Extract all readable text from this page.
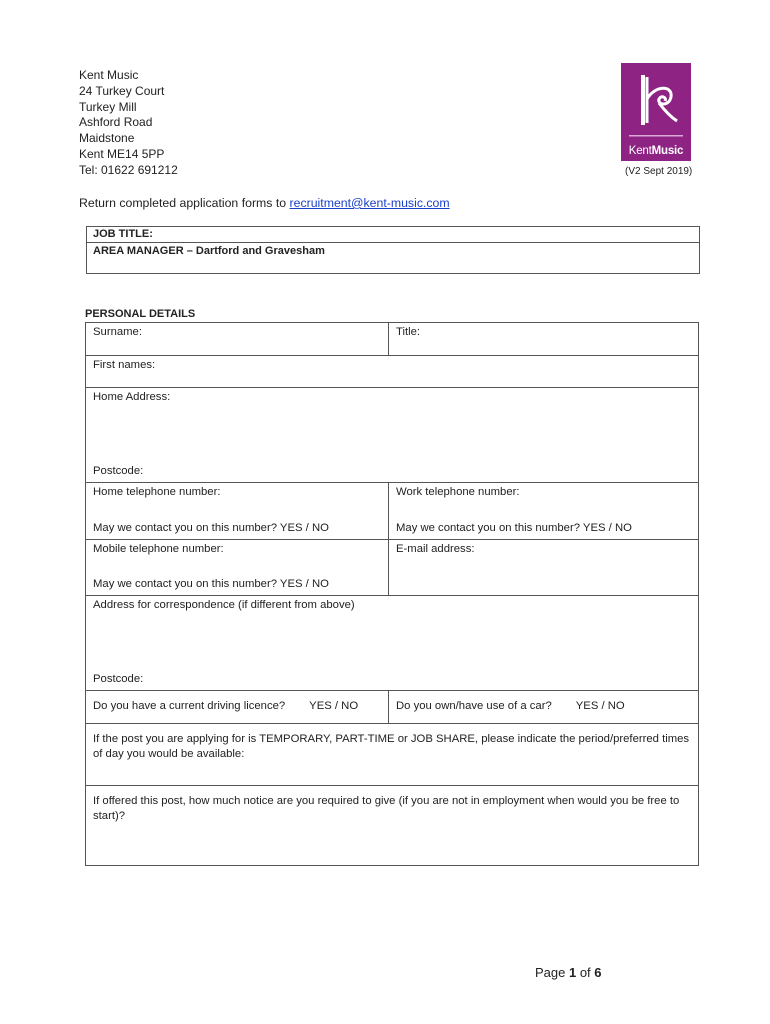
Kent Music
24 Turkey Court
Turkey Mill
Ashford Road
Maidstone
Kent ME14 5PP
Tel: 01622 691212
KentMusic
(V2 Sept 2019)
Return completed application forms to recruitment@kent-music.com
JOB TITLE:
AREA MANAGER – Dartford and Gravesham
PERSONAL DETAILS
Surname:	Title:
First names:
Home Address:
Postcode:
Home telephone number:
May we contact you on this number? YES / NO
Work telephone number:
May we contact you on this number? YES / NO
Mobile telephone number:
May we contact you on this number? YES / NO
E-mail address:
Address for correspondence (if different from above)
Postcode:
Do you have a current driving licence? YES / NO	Do you own/have use of a car? YES / NO
If the post you are applying for is TEMPORARY, PART-TIME or JOB SHARE, please indicate the period/preferred times of day you would be available:
If offered this post, how much notice are you required to give (if you are not in employment when would you be free to start)?
Page 1 of 6
